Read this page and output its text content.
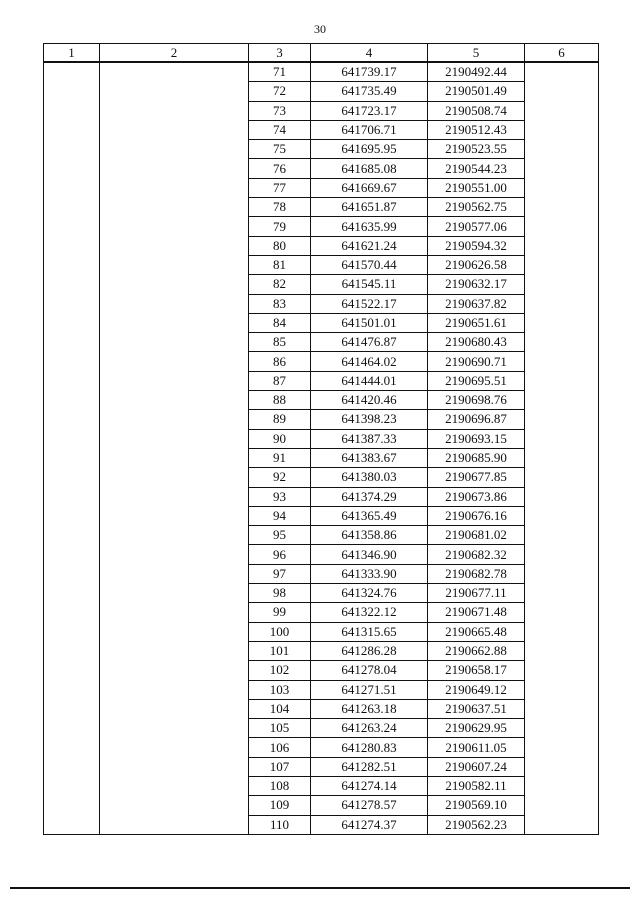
30
1	2	3	4	5	6
		71	641739.17	2190492.44	
		72	641735.49	2190501.49	
		73	641723.17	2190508.74	
		74	641706.71	2190512.43	
		75	641695.95	2190523.55	
		76	641685.08	2190544.23	
		77	641669.67	2190551.00	
		78	641651.87	2190562.75	
		79	641635.99	2190577.06	
		80	641621.24	2190594.32	
		81	641570.44	2190626.58	
		82	641545.11	2190632.17	
		83	641522.17	2190637.82	
		84	641501.01	2190651.61	
		85	641476.87	2190680.43	
		86	641464.02	2190690.71	
		87	641444.01	2190695.51	
		88	641420.46	2190698.76	
		89	641398.23	2190696.87	
		90	641387.33	2190693.15	
		91	641383.67	2190685.90	
		92	641380.03	2190677.85	
		93	641374.29	2190673.86	
		94	641365.49	2190676.16	
		95	641358.86	2190681.02	
		96	641346.90	2190682.32	
		97	641333.90	2190682.78	
		98	641324.76	2190677.11	
		99	641322.12	2190671.48	
		100	641315.65	2190665.48	
		101	641286.28	2190662.88	
		102	641278.04	2190658.17	
		103	641271.51	2190649.12	
		104	641263.18	2190637.51	
		105	641263.24	2190629.95	
		106	641280.83	2190611.05	
		107	641282.51	2190607.24	
		108	641274.14	2190582.11	
		109	641278.57	2190569.10	
		110	641274.37	2190562.23	
